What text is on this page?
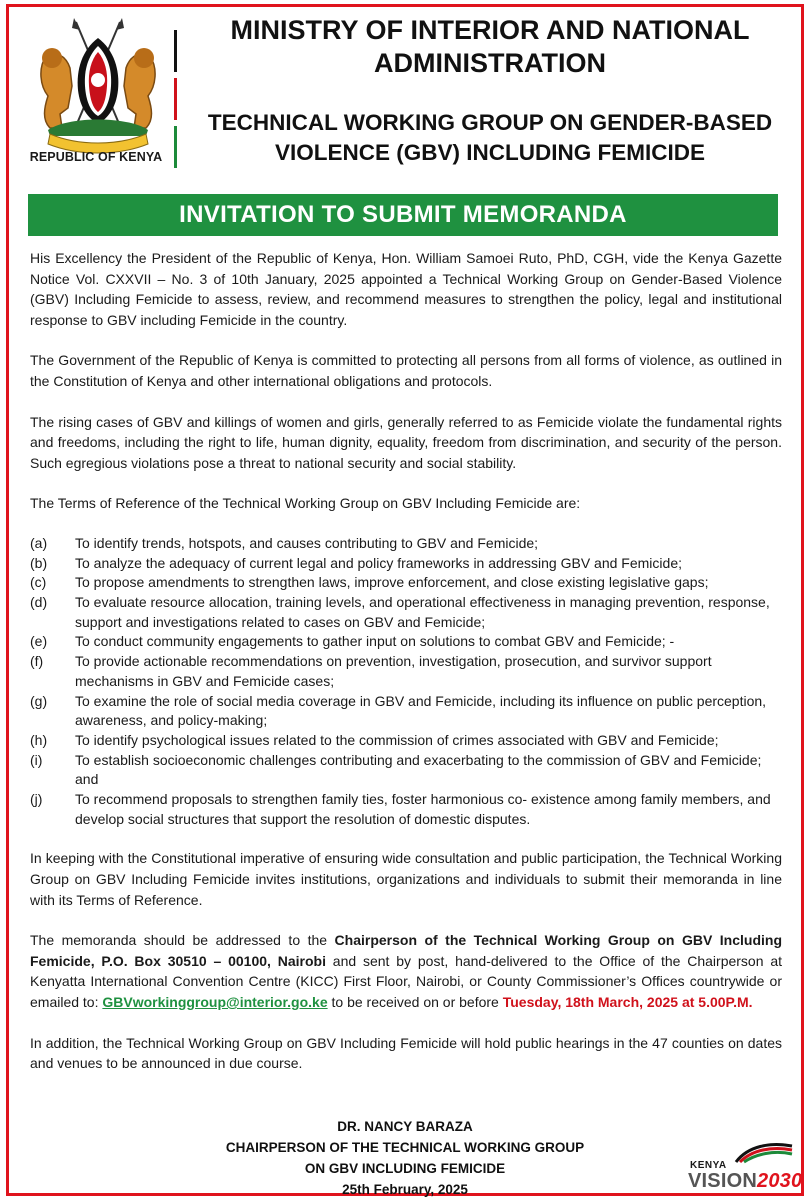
REPUBLIC OF KENYA
MINISTRY OF INTERIOR AND NATIONAL
ADMINISTRATION
TECHNICAL WORKING GROUP ON GENDER-BASED
VIOLENCE (GBV) INCLUDING FEMICIDE
INVITATION TO SUBMIT MEMORANDA

His Excellency the President of the Republic of Kenya, Hon. William Samoei Ruto, PhD, CGH, vide the Kenya Gazette Notice Vol. CXXVII – No. 3 of 10th January, 2025 appointed a Technical Working Group on Gender-Based Violence (GBV) Including Femicide to assess, review, and recommend measures to strengthen the policy, legal and institutional response to GBV including Femicide in the country.

The Government of the Republic of Kenya is committed to protecting all persons from all forms of violence, as outlined in the Constitution of Kenya and other international obligations and protocols.

The rising cases of GBV and killings of women and girls, generally referred to as Femicide violate the fundamental rights and freedoms, including the right to life, human dignity, equality, freedom from discrimination, and security of the person. Such egregious violations pose a threat to national security and social stability.

The Terms of Reference of the Technical Working Group on GBV Including Femicide are:

(a)	To identify trends, hotspots, and causes contributing to GBV and Femicide;
(b)	To analyze the adequacy of current legal and policy frameworks in addressing GBV and Femicide;
(c)	To propose amendments to strengthen laws, improve enforcement, and close existing legislative gaps;
(d)	To evaluate resource allocation, training levels, and operational effectiveness in managing prevention, response, support and investigations related to cases on GBV and Femicide;
(e)	To conduct community engagements to gather input on solutions to combat GBV and Femicide; -
(f)	To provide actionable recommendations on prevention, investigation, prosecution, and survivor support mechanisms in GBV and Femicide cases;
(g)	To examine the role of social media coverage in GBV and Femicide, including its influence on public perception, awareness, and policy-making;
(h)	To identify psychological issues related to the commission of crimes associated with GBV and Femicide;
(i)	To establish socioeconomic challenges contributing and exacerbating to the commission of GBV and Femicide; and
(j)	To recommend proposals to strengthen family ties, foster harmonious co- existence among family members, and develop social structures that support the resolution of domestic disputes.

In keeping with the Constitutional imperative of ensuring wide consultation and public participation, the Technical Working Group on GBV Including Femicide invites institutions, organizations and individuals to submit their memoranda in line with its Terms of Reference.

The memoranda should be addressed to the Chairperson of the Technical Working Group on GBV Including Femicide, P.O. Box 30510 – 00100, Nairobi and sent by post, hand-delivered to the Office of the Chairperson at Kenyatta International Convention Centre (KICC) First Floor, Nairobi, or County Commissioner’s Offices countrywide or emailed to: GBVworkinggroup@interior.go.ke to be received on or before Tuesday, 18th March, 2025 at 5.00P.M.

In addition, the Technical Working Group on GBV Including Femicide will hold public hearings in the 47 counties on dates and venues to be announced in due course.

DR. NANCY BARAZA
CHAIRPERSON OF THE TECHNICAL WORKING GROUP
ON GBV INCLUDING FEMICIDE
25th February, 2025
KENYA
VISION2030
